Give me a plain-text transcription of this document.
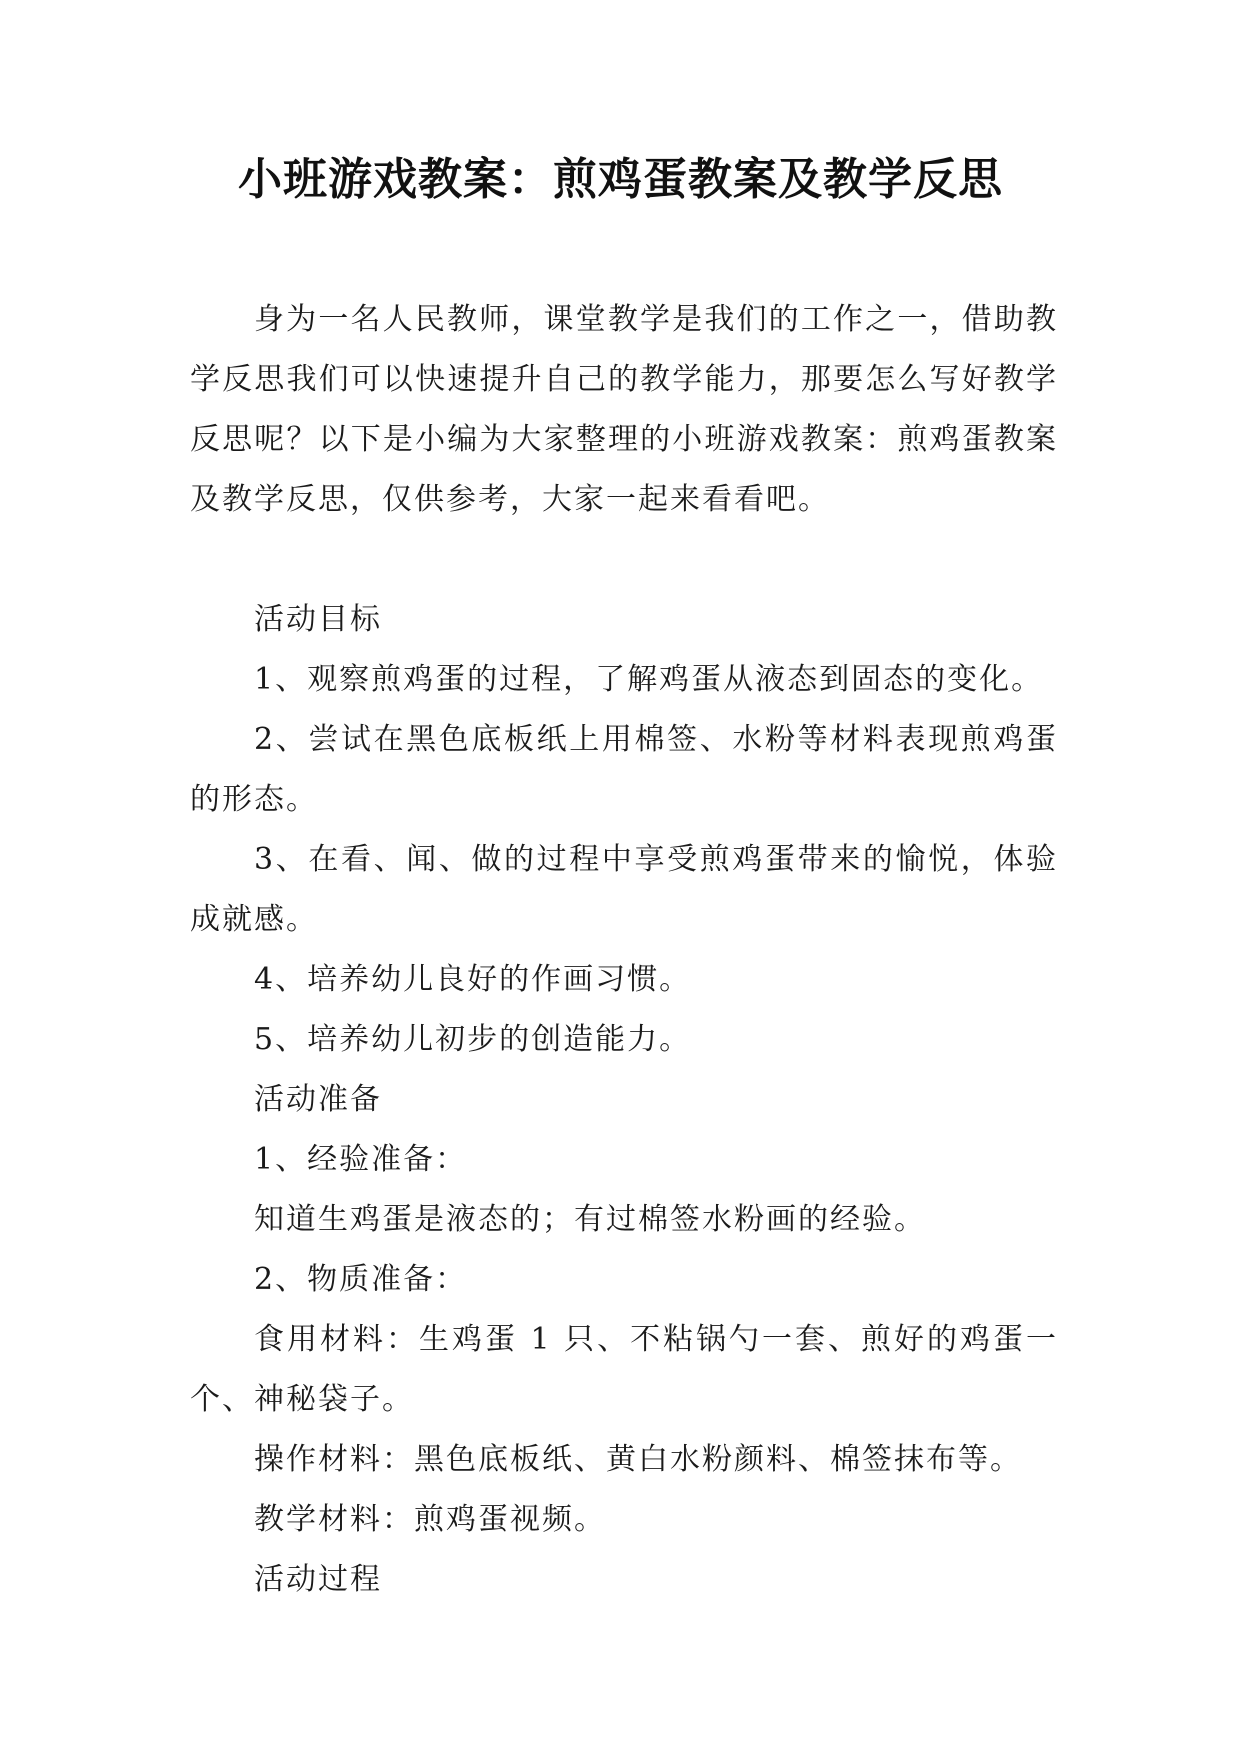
小班游戏教案：煎鸡蛋教案及教学反思

身为一名人民教师，课堂教学是我们的工作之一，借助教学反思我们可以快速提升自己的教学能力，那要怎么写好教学反思呢？以下是小编为大家整理的小班游戏教案：煎鸡蛋教案及教学反思，仅供参考，大家一起来看看吧。

活动目标

1、观察煎鸡蛋的过程，了解鸡蛋从液态到固态的变化。

2、尝试在黑色底板纸上用棉签、水粉等材料表现煎鸡蛋的形态。

3、在看、闻、做的过程中享受煎鸡蛋带来的愉悦，体验成就感。

4、培养幼儿良好的作画习惯。

5、培养幼儿初步的创造能力。

活动准备

1、经验准备：

知道生鸡蛋是液态的；有过棉签水粉画的经验。

2、物质准备：

食用材料：生鸡蛋 1 只、不粘锅勺一套、煎好的鸡蛋一个、神秘袋子。

操作材料：黑色底板纸、黄白水粉颜料、棉签抹布等。

教学材料：煎鸡蛋视频。

活动过程
